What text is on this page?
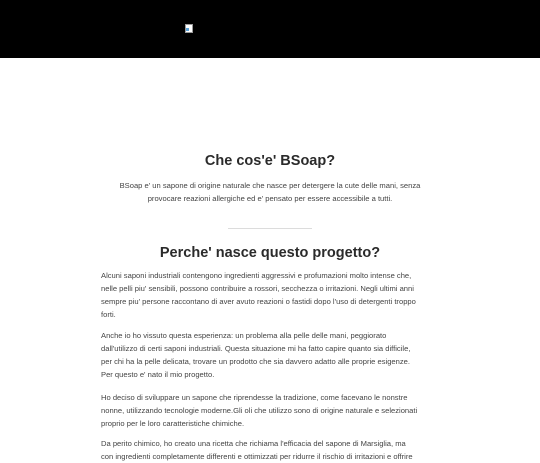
Che cos'e' BSoap?

BSoap e' un sapone di origine naturale che nasce per detergere la cute delle mani, senza
provocare reazioni allergiche ed e' pensato per essere accessibile a tutti.

Perche' nasce questo progetto?

Alcuni saponi industriali contengono ingredienti aggressivi e profumazioni molto intense che,
nelle pelli piu' sensibili, possono contribuire a rossori, secchezza o irritazioni. Negli ultimi anni
sempre piu' persone raccontano di aver avuto reazioni o fastidi dopo l'uso di detergenti troppo
forti.

Anche io ho vissuto questa esperienza: un problema alla pelle delle mani, peggiorato
dall'utilizzo di certi saponi industriali. Questa situazione mi ha fatto capire quanto sia difficile,
per chi ha la pelle delicata, trovare un prodotto che sia davvero adatto alle proprie esigenze.
Per questo e' nato il mio progetto.

Ho deciso di sviluppare un sapone che riprendesse la tradizione, come facevano le nonstre
nonne, utilizzando tecnologie moderne.Gli oli che utilizzo sono di origine naturale e selezionati
proprio per le loro caratteristiche chimiche.

Da perito chimico, ho creato una ricetta che richiama l'efficacia del sapone di Marsiglia, ma
con ingredienti completamente differenti e ottimizzati per ridurre il rischio di irritazioni e offrire
